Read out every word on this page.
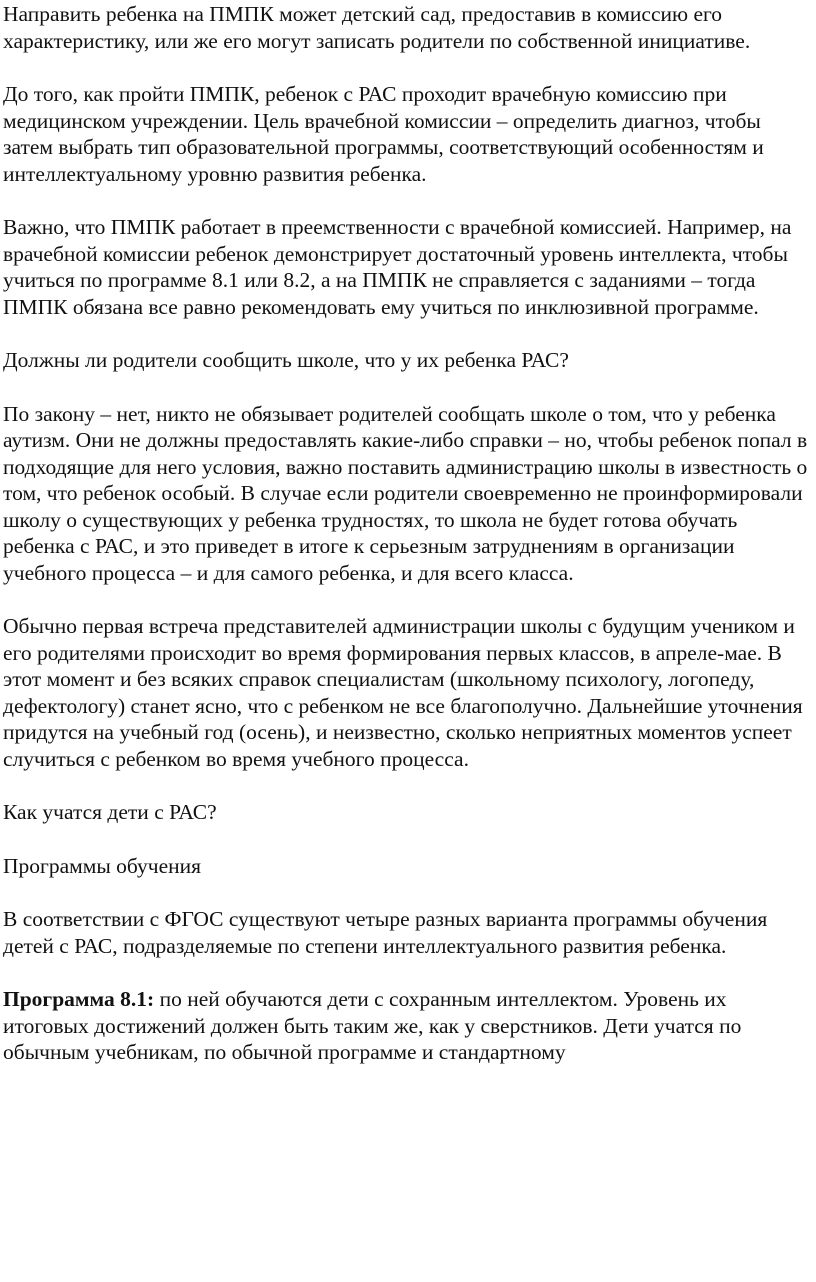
Направить ребенка на ПМПК может детский сад, предоставив в комиссию его характеристику, или же его могут записать родители по собственной инициативе.

До того, как пройти ПМПК, ребенок с РАС проходит врачебную комиссию при медицинском учреждении. Цель врачебной комиссии – определить диагноз, чтобы затем выбрать тип образовательной программы, соответствующий особенностям и интеллектуальному уровню развития ребенка.

Важно, что ПМПК работает в преемственности с врачебной комиссией. Например, на врачебной комиссии ребенок демонстрирует достаточный уровень интеллекта, чтобы учиться по программе 8.1 или 8.2, а на ПМПК не справляется с заданиями – тогда ПМПК обязана все равно рекомендовать ему учиться по инклюзивной программе.

Должны ли родители сообщить школе, что у их ребенка РАС?

По закону – нет, никто не обязывает родителей сообщать школе о том, что у ребенка аутизм. Они не должны предоставлять какие-либо справки – но, чтобы ребенок попал в подходящие для него условия, важно поставить администрацию школы в известность о том, что ребенок особый. В случае если родители своевременно не проинформировали школу о существующих у ребенка трудностях, то школа не будет готова обучать ребенка с РАС, и это приведет в итоге к серьезным затруднениям в организации учебного процесса – и для самого ребенка, и для всего класса.

Обычно первая встреча представителей администрации школы с будущим учеником и его родителями происходит во время формирования первых классов, в апреле-мае. В этот момент и без всяких справок специалистам (школьному психологу, логопеду, дефектологу) станет ясно, что с ребенком не все благополучно. Дальнейшие уточнения придутся на учебный год (осень), и неизвестно, сколько неприятных моментов успеет случиться с ребенком во время учебного процесса.

Как учатся дети с РАС?

Программы обучения

В соответствии с ФГОС существуют четыре разных варианта программы обучения детей с РАС, подразделяемые по степени интеллектуального развития ребенка.

Программа 8.1: по ней обучаются дети с сохранным интеллектом. Уровень их итоговых достижений должен быть таким же, как у сверстников. Дети учатся по обычным учебникам, по обычной программе и стандартному
